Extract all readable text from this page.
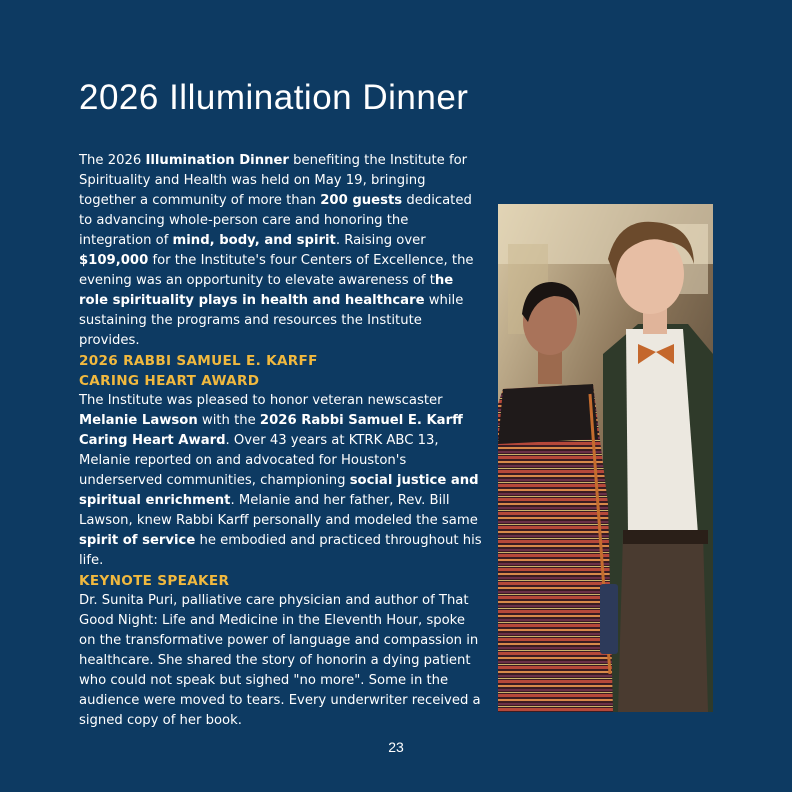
2026 Illumination Dinner

The 2026 Illumination Dinner benefiting the Institute for Spirituality and Health was held on May 19, bringing together a community of more than 200 guests dedicated to advancing whole-person care and honoring the integration of mind, body, and spirit. Raising over $109,000 for the Institute's four Centers of Excellence, the evening was an opportunity to elevate awareness of the role spirituality plays in health and healthcare while sustaining the programs and resources the Institute provides.

2026 RABBI SAMUEL E. KARFF

CARING HEART AWARD

The Institute was pleased to honor veteran newscaster Melanie Lawson with the 2026 Rabbi Samuel E. Karff Caring Heart Award. Over 43 years at KTRK ABC 13, Melanie reported on and advocated for Houston's underserved communities, championing social justice and spiritual enrichment. Melanie and her father, Rev. Bill Lawson, knew Rabbi Karff personally and modeled the same spirit of service he embodied and practiced throughout his life.

KEYNOTE SPEAKER

Dr. Sunita Puri, palliative care physician and author of That Good Night: Life and Medicine in the Eleventh Hour, spoke on the transformative power of language and compassion in healthcare. She shared the story of honorin a dying patient who could not speak but sighed "no more". Some in the audience were moved to tears. Every underwriter received a signed copy of her book.

23
